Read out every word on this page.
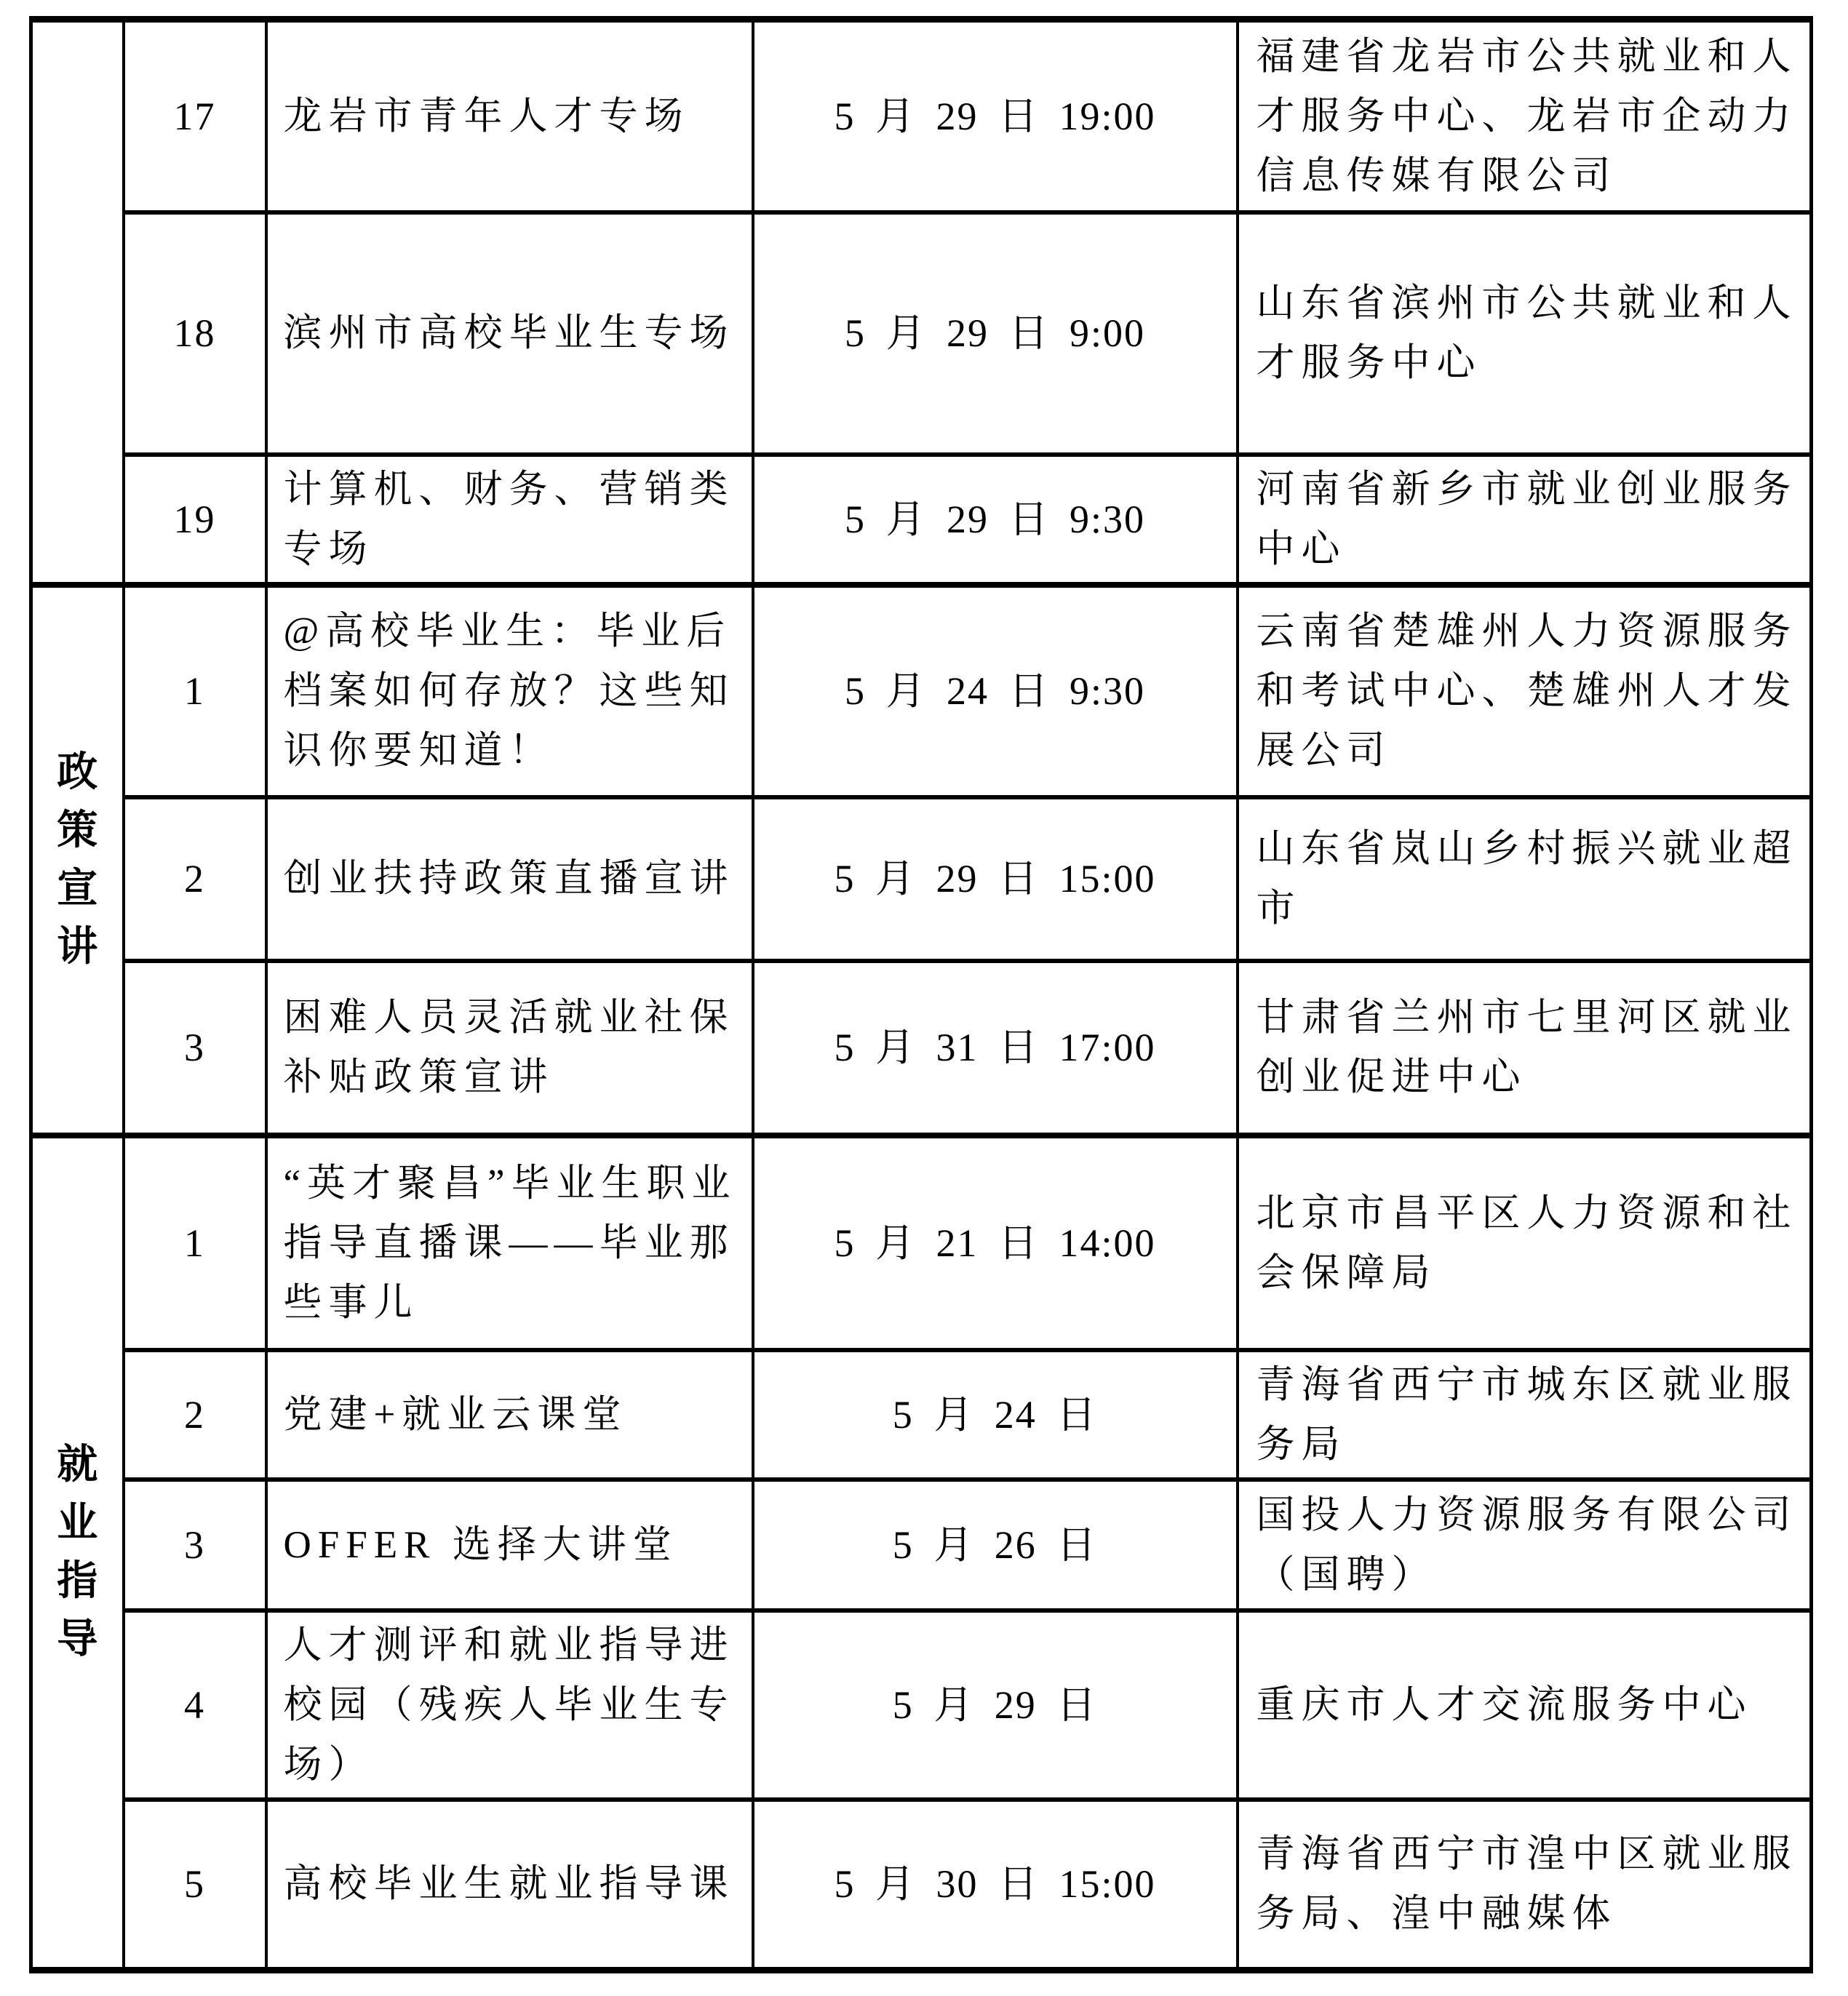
	17	龙岩市青年人才专场	5 月 29 日 19:00	福建省龙岩市公共就业和人才服务中心、龙岩市企动力信息传媒有限公司
	18	滨州市高校毕业生专场	5 月 29 日 9:00	山东省滨州市公共就业和人才服务中心
	19	计算机、财务、营销类专场	5 月 29 日 9:30	河南省新乡市就业创业服务中心

政策宣讲	1	@高校毕业生：毕业后档案如何存放？这些知识你要知道！	5 月 24 日 9:30	云南省楚雄州人力资源服务和考试中心、楚雄州人才发展公司
	2	创业扶持政策直播宣讲	5 月 29 日 15:00	山东省岚山乡村振兴就业超市
	3	困难人员灵活就业社保补贴政策宣讲	5 月 31 日 17:00	甘肃省兰州市七里河区就业创业促进中心

就业指导	1	“英才聚昌”毕业生职业指导直播课——毕业那些事儿	5 月 21 日 14:00	北京市昌平区人力资源和社会保障局
	2	党建+就业云课堂	5 月 24 日	青海省西宁市城东区就业服务局
	3	OFFER 选择大讲堂	5 月 26 日	国投人力资源服务有限公司（国聘）
	4	人才测评和就业指导进校园（残疾人毕业生专场）	5 月 29 日	重庆市人才交流服务中心
	5	高校毕业生就业指导课	5 月 30 日 15:00	青海省西宁市湟中区就业服务局、湟中融媒体
